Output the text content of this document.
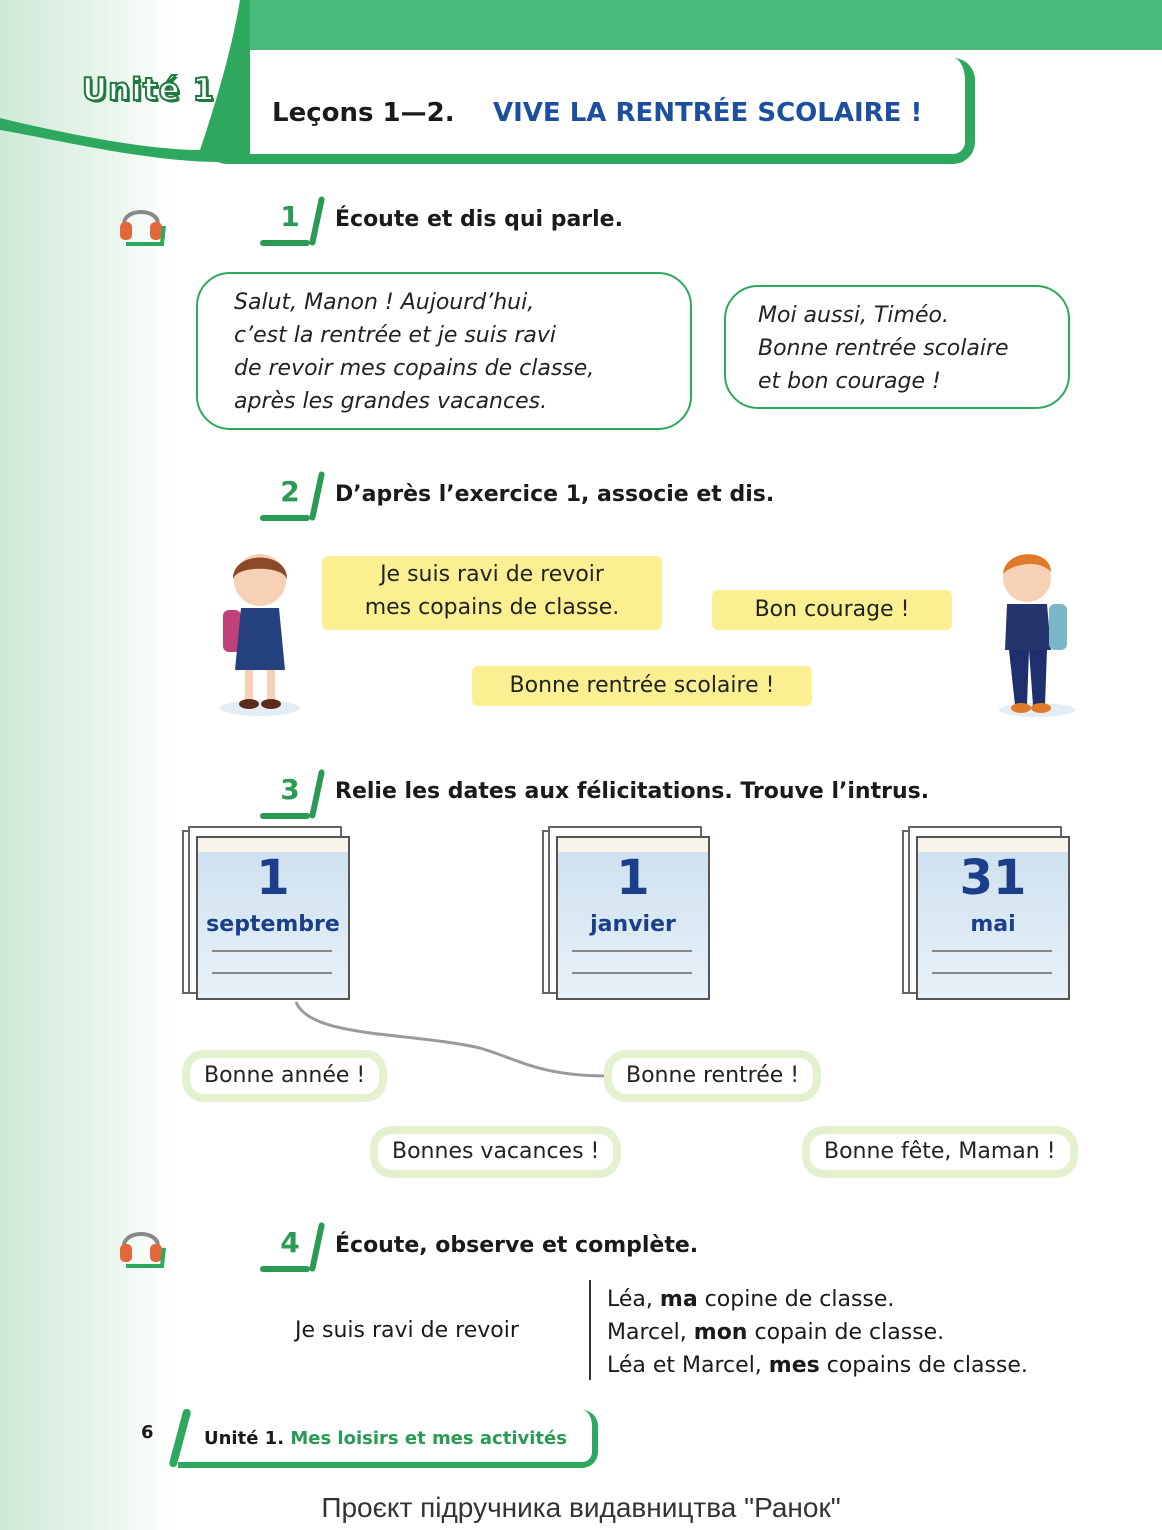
Unité 1
Leçons 1—2. VIVE LA RENTRÉE SCOLAIRE !
1	Écoute et dis qui parle.
Salut, Manon ! Aujourd’hui,
c’est la rentrée et je suis ravi
de revoir mes copains de classe,
après les grandes vacances.
Moi aussi, Timéo.
Bonne rentrée scolaire
et bon courage !
2	D’après l’exercice 1, associe et dis.
Je suis ravi de revoir
mes copains de classe.	Bon courage !
Bonne rentrée scolaire !
3	Relie les dates aux félicitations. Trouve l’intrus.
1
septembre
1
janvier
31
mai
Bonne année !	Bonne rentrée !
Bonnes vacances !	Bonne fête, Maman !
4	Écoute, observe et complète.
Je suis ravi de revoir
Léa, ma copine de classe.
Marcel, mon copain de classe.
Léa et Marcel, mes copains de classe.
6	Unité 1. Mes loisirs et mes activités
Проєкт підручника видавництва "Ранок"
